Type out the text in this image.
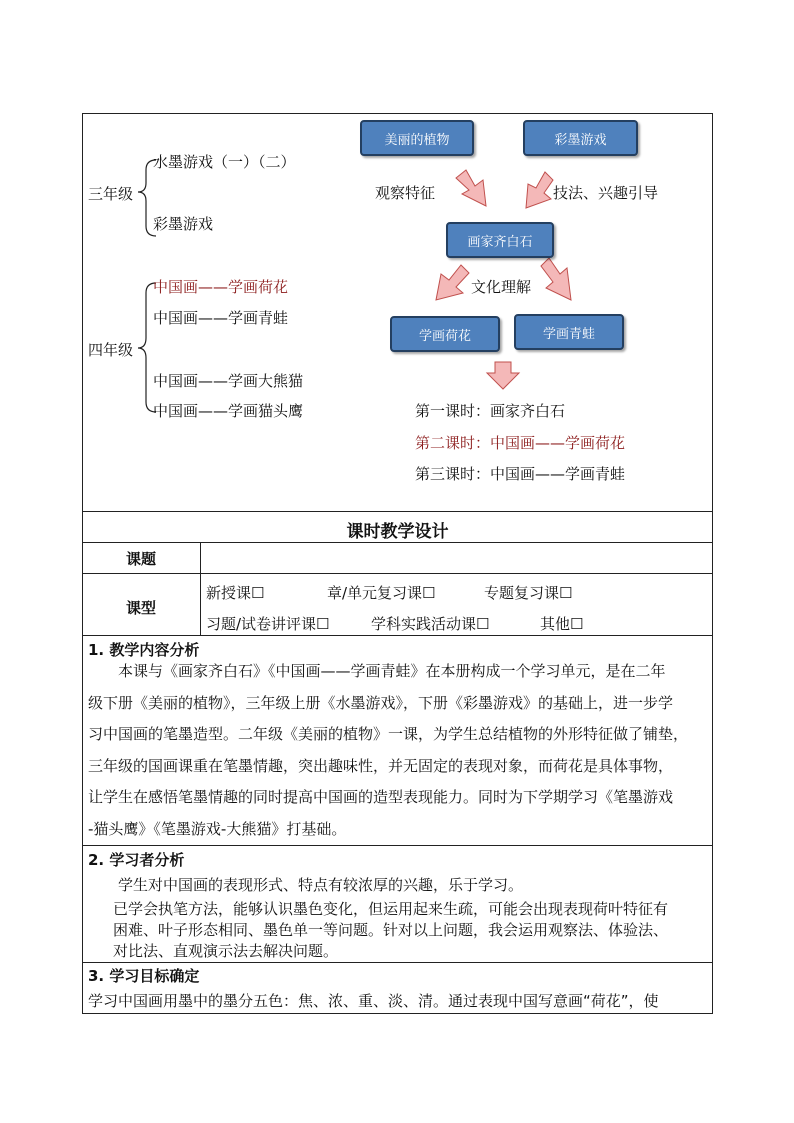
三年级
水墨游戏（一）（二）
彩墨游戏
四年级
中国画——学画荷花
中国画——学画青蛙
中国画——学画大熊猫
中国画——学画猫头鹰
美丽的植物	彩墨游戏
观察特征	技法、兴趣引导
画家齐白石
文化理解
学画荷花	学画青蛙
第一课时：画家齐白石
第二课时：中国画——学画荷花
第三课时：中国画——学画青蛙
课时教学设计
课题
课型
新授课☐	章/单元复习课☐	专题复习课☐
习题/试卷讲评课☐	学科实践活动课☐	其他☐
1. 教学内容分析
本课与《画家齐白石》《中国画——学画青蛙》在本册构成一个学习单元，是在二年
级下册《美丽的植物》，三年级上册《水墨游戏》，下册《彩墨游戏》的基础上，进一步学
习中国画的笔墨造型。二年级《美丽的植物》一课，为学生总结植物的外形特征做了铺垫，
三年级的国画课重在笔墨情趣，突出趣味性，并无固定的表现对象，而荷花是具体事物，
让学生在感悟笔墨情趣的同时提高中国画的造型表现能力。同时为下学期学习《笔墨游戏
-猫头鹰》《笔墨游戏-大熊猫》打基础。
2. 学习者分析
学生对中国画的表现形式、特点有较浓厚的兴趣，乐于学习。
已学会执笔方法，能够认识墨色变化，但运用起来生疏，可能会出现表现荷叶特征有
困难、叶子形态相同、墨色单一等问题。针对以上问题，我会运用观察法、体验法、
对比法、直观演示法去解决问题。
3. 学习目标确定
学习中国画用墨中的墨分五色：焦、浓、重、淡、清。通过表现中国写意画“荷花”，使
